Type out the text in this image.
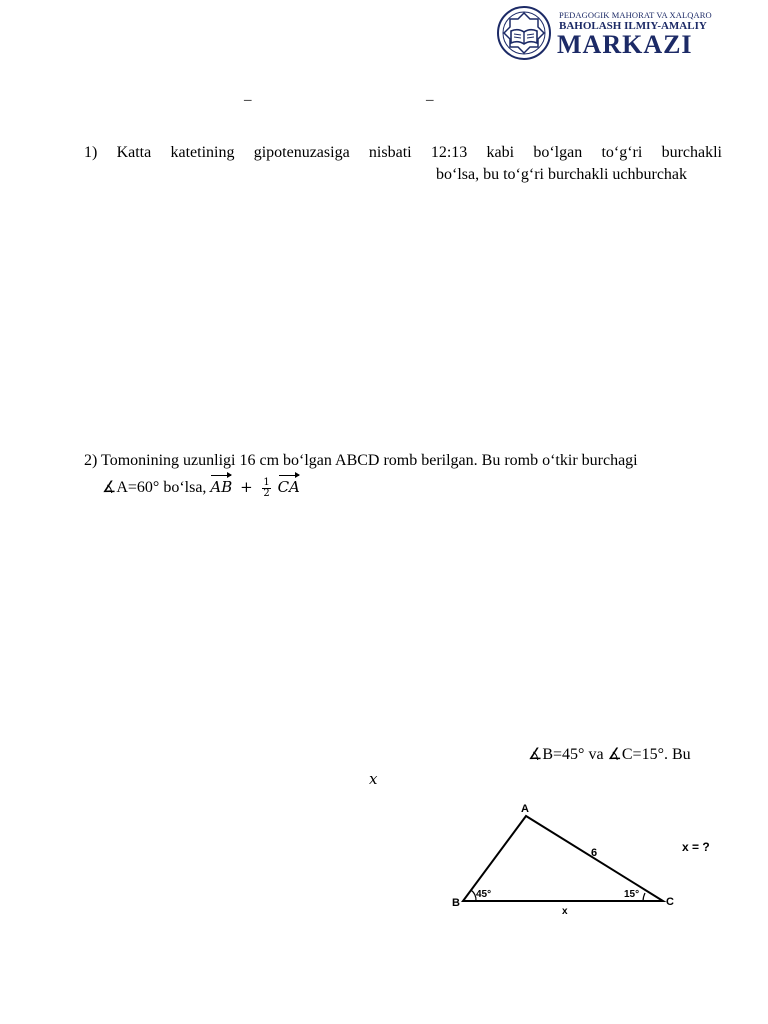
PEDAGOGIK MAHORAT VA XALQARO
BAHOLASH ILMIY-AMALIY
MARKAZI
–	–
1) Katta katetining gipotenuzasiga nisbati 12:13 kabi bo‘lgan to‘g‘ri burchakli
bo‘lsa, bu to‘g‘ri burchakli uchburchak
2) Tomonining uzunligi 16 cm bo‘lgan ABCD romb berilgan. Bu romb o‘tkir burchagi
∡A=60° bo‘lsa, AB + $\frac{1}{2}$ CA
∡B=45° va ∡C=15°. Bu
x
A
B	C
6
x
45°	15°
x = ?
